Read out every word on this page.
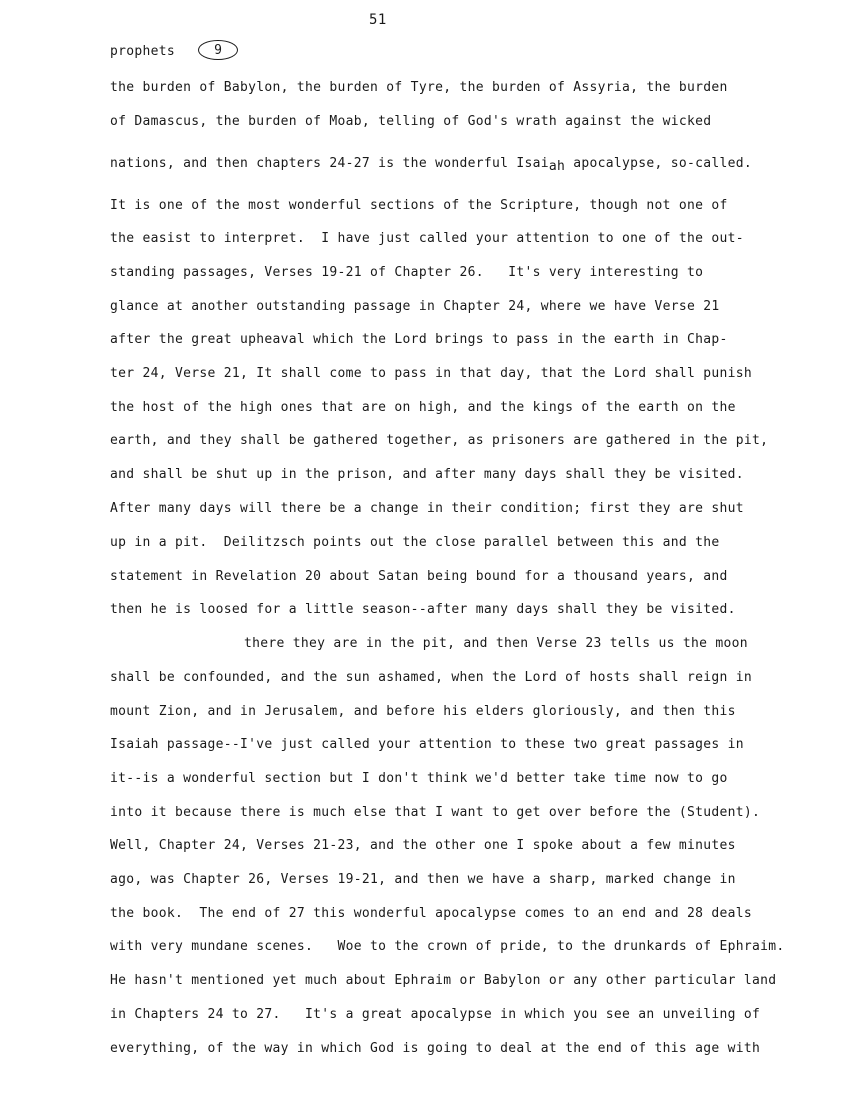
51
prophets	9
the burden of Babylon, the burden of Tyre, the burden of Assyria, the burden
of Damascus, the burden of Moab, telling of God's wrath against the wicked
nations, and then chapters 24-27 is the wonderful Isaiah apocalypse, so-called.
It is one of the most wonderful sections of the Scripture, though not one of
the easist to interpret.  I have just called your attention to one of the out-
standing passages, Verses 19-21 of Chapter 26.   It's very interesting to
glance at another outstanding passage in Chapter 24, where we have Verse 21
after the great upheaval which the Lord brings to pass in the earth in Chap-
ter 24, Verse 21, It shall come to pass in that day, that the Lord shall punish
the host of the high ones that are on high, and the kings of the earth on the
earth, and they shall be gathered together, as prisoners are gathered in the pit,
and shall be shut up in the prison, and after many days shall they be visited.
After many days will there be a change in their condition; first they are shut
up in a pit.  Deilitzsch points out the close parallel between this and the
statement in Revelation 20 about Satan being bound for a thousand years, and
then he is loosed for a little season--after many days shall they be visited.
there they are in the pit, and then Verse 23 tells us the moon
shall be confounded, and the sun ashamed, when the Lord of hosts shall reign in
mount Zion, and in Jerusalem, and before his elders gloriously, and then this
Isaiah passage--I've just called your attention to these two great passages in
it--is a wonderful section but I don't think we'd better take time now to go
into it because there is much else that I want to get over before the (Student).
Well, Chapter 24, Verses 21-23, and the other one I spoke about a few minutes
ago, was Chapter 26, Verses 19-21, and then we have a sharp, marked change in
the book.  The end of 27 this wonderful apocalypse comes to an end and 28 deals
with very mundane scenes.   Woe to the crown of pride, to the drunkards of Ephraim.
He hasn't mentioned yet much about Ephraim or Babylon or any other particular land
in Chapters 24 to 27.   It's a great apocalypse in which you see an unveiling of
everything, of the way in which God is going to deal at the end of this age with
